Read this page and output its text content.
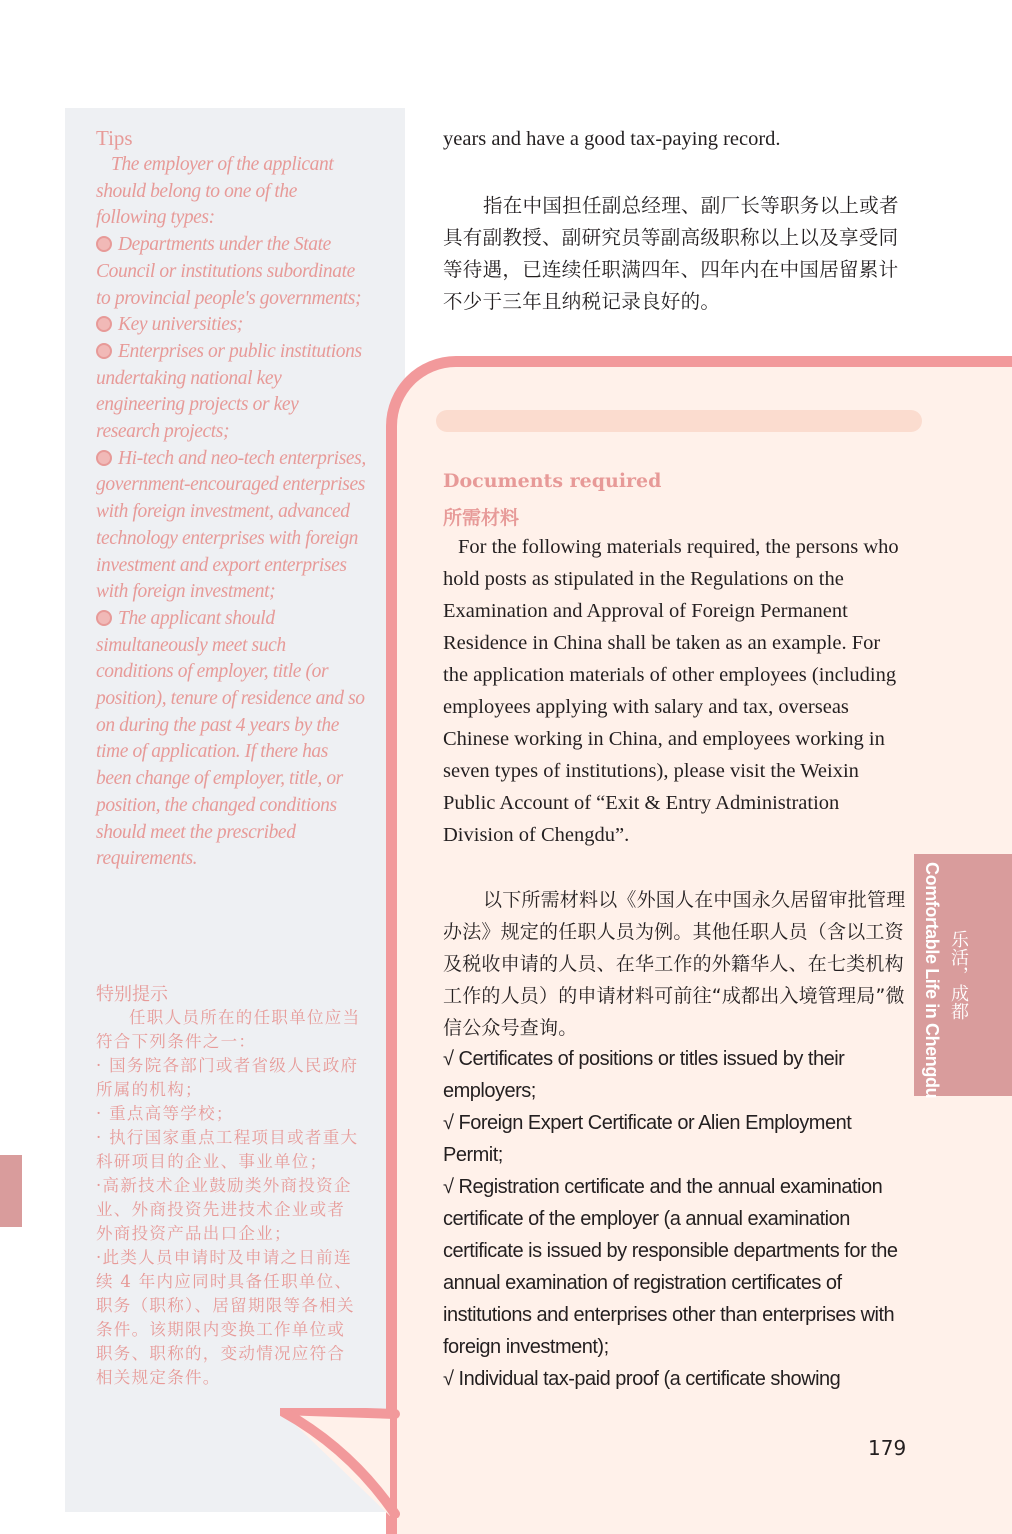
Tips
The employer of the applicant should belong to one of the following types:
Departments under the State Council or institutions subordinate to provincial people's governments;
Key universities;
Enterprises or public institutions undertaking national key engineering projects or key research projects;
Hi-tech and neo-tech enterprises, government-encouraged enterprises with foreign investment, advanced technology enterprises with foreign investment and export enterprises with foreign investment;
The applicant should simultaneously meet such conditions of employer, title (or position), tenure of residence and so on during the past 4 years by the time of application. If there has been change of employer, title, or position, the changed conditions should meet the prescribed requirements.
特别提示
任职人员所在的任职单位应当符合下列条件之一：
· 国务院各部门或者省级人民政府所属的机构；
· 重点高等学校；
· 执行国家重点工程项目或者重大科研项目的企业、事业单位；
·高新技术企业鼓励类外商投资企业、外商投资先进技术企业或者外商投资产品出口企业；
·此类人员申请时及申请之日前连续 4 年内应同时具备任职单位、职务（职称）、居留期限等各相关条件。该期限内变换工作单位或职务、职称的，变动情况应符合相关规定条件。
years and have a good tax-paying record.
指在中国担任副总经理、副厂长等职务以上或者具有副教授、副研究员等副高级职称以上以及享受同等待遇，已连续任职满四年、四年内在中国居留累计不少于三年且纳税记录良好的。
Documents required
所需材料
For the following materials required, the persons who hold posts as stipulated in the Regulations on the Examination and Approval of Foreign Permanent Residence in China shall be taken as an example. For the application materials of other employees (including employees applying with salary and tax, overseas Chinese working in China, and employees working in seven types of institutions), please visit the Weixin Public Account of “Exit & Entry Administration Division of Chengdu”.
以下所需材料以《外国人在中国永久居留审批管理办法》规定的任职人员为例。其他任职人员（含以工资及税收申请的人员、在华工作的外籍华人、在七类机构工作的人员）的申请材料可前往“成都出入境管理局”微信公众号查询。
√ Certificates of positions or titles issued by their employers;
√ Foreign Expert Certificate or Alien Employment Permit;
√ Registration certificate and the annual examination certificate of the employer (a annual examination certificate is issued by responsible departments for the annual examination of registration certificates of institutions and enterprises other than enterprises with foreign investment);
√ Individual tax-paid proof (a certificate showing
179
Comfortable Life in Chengdu 乐活，成都
